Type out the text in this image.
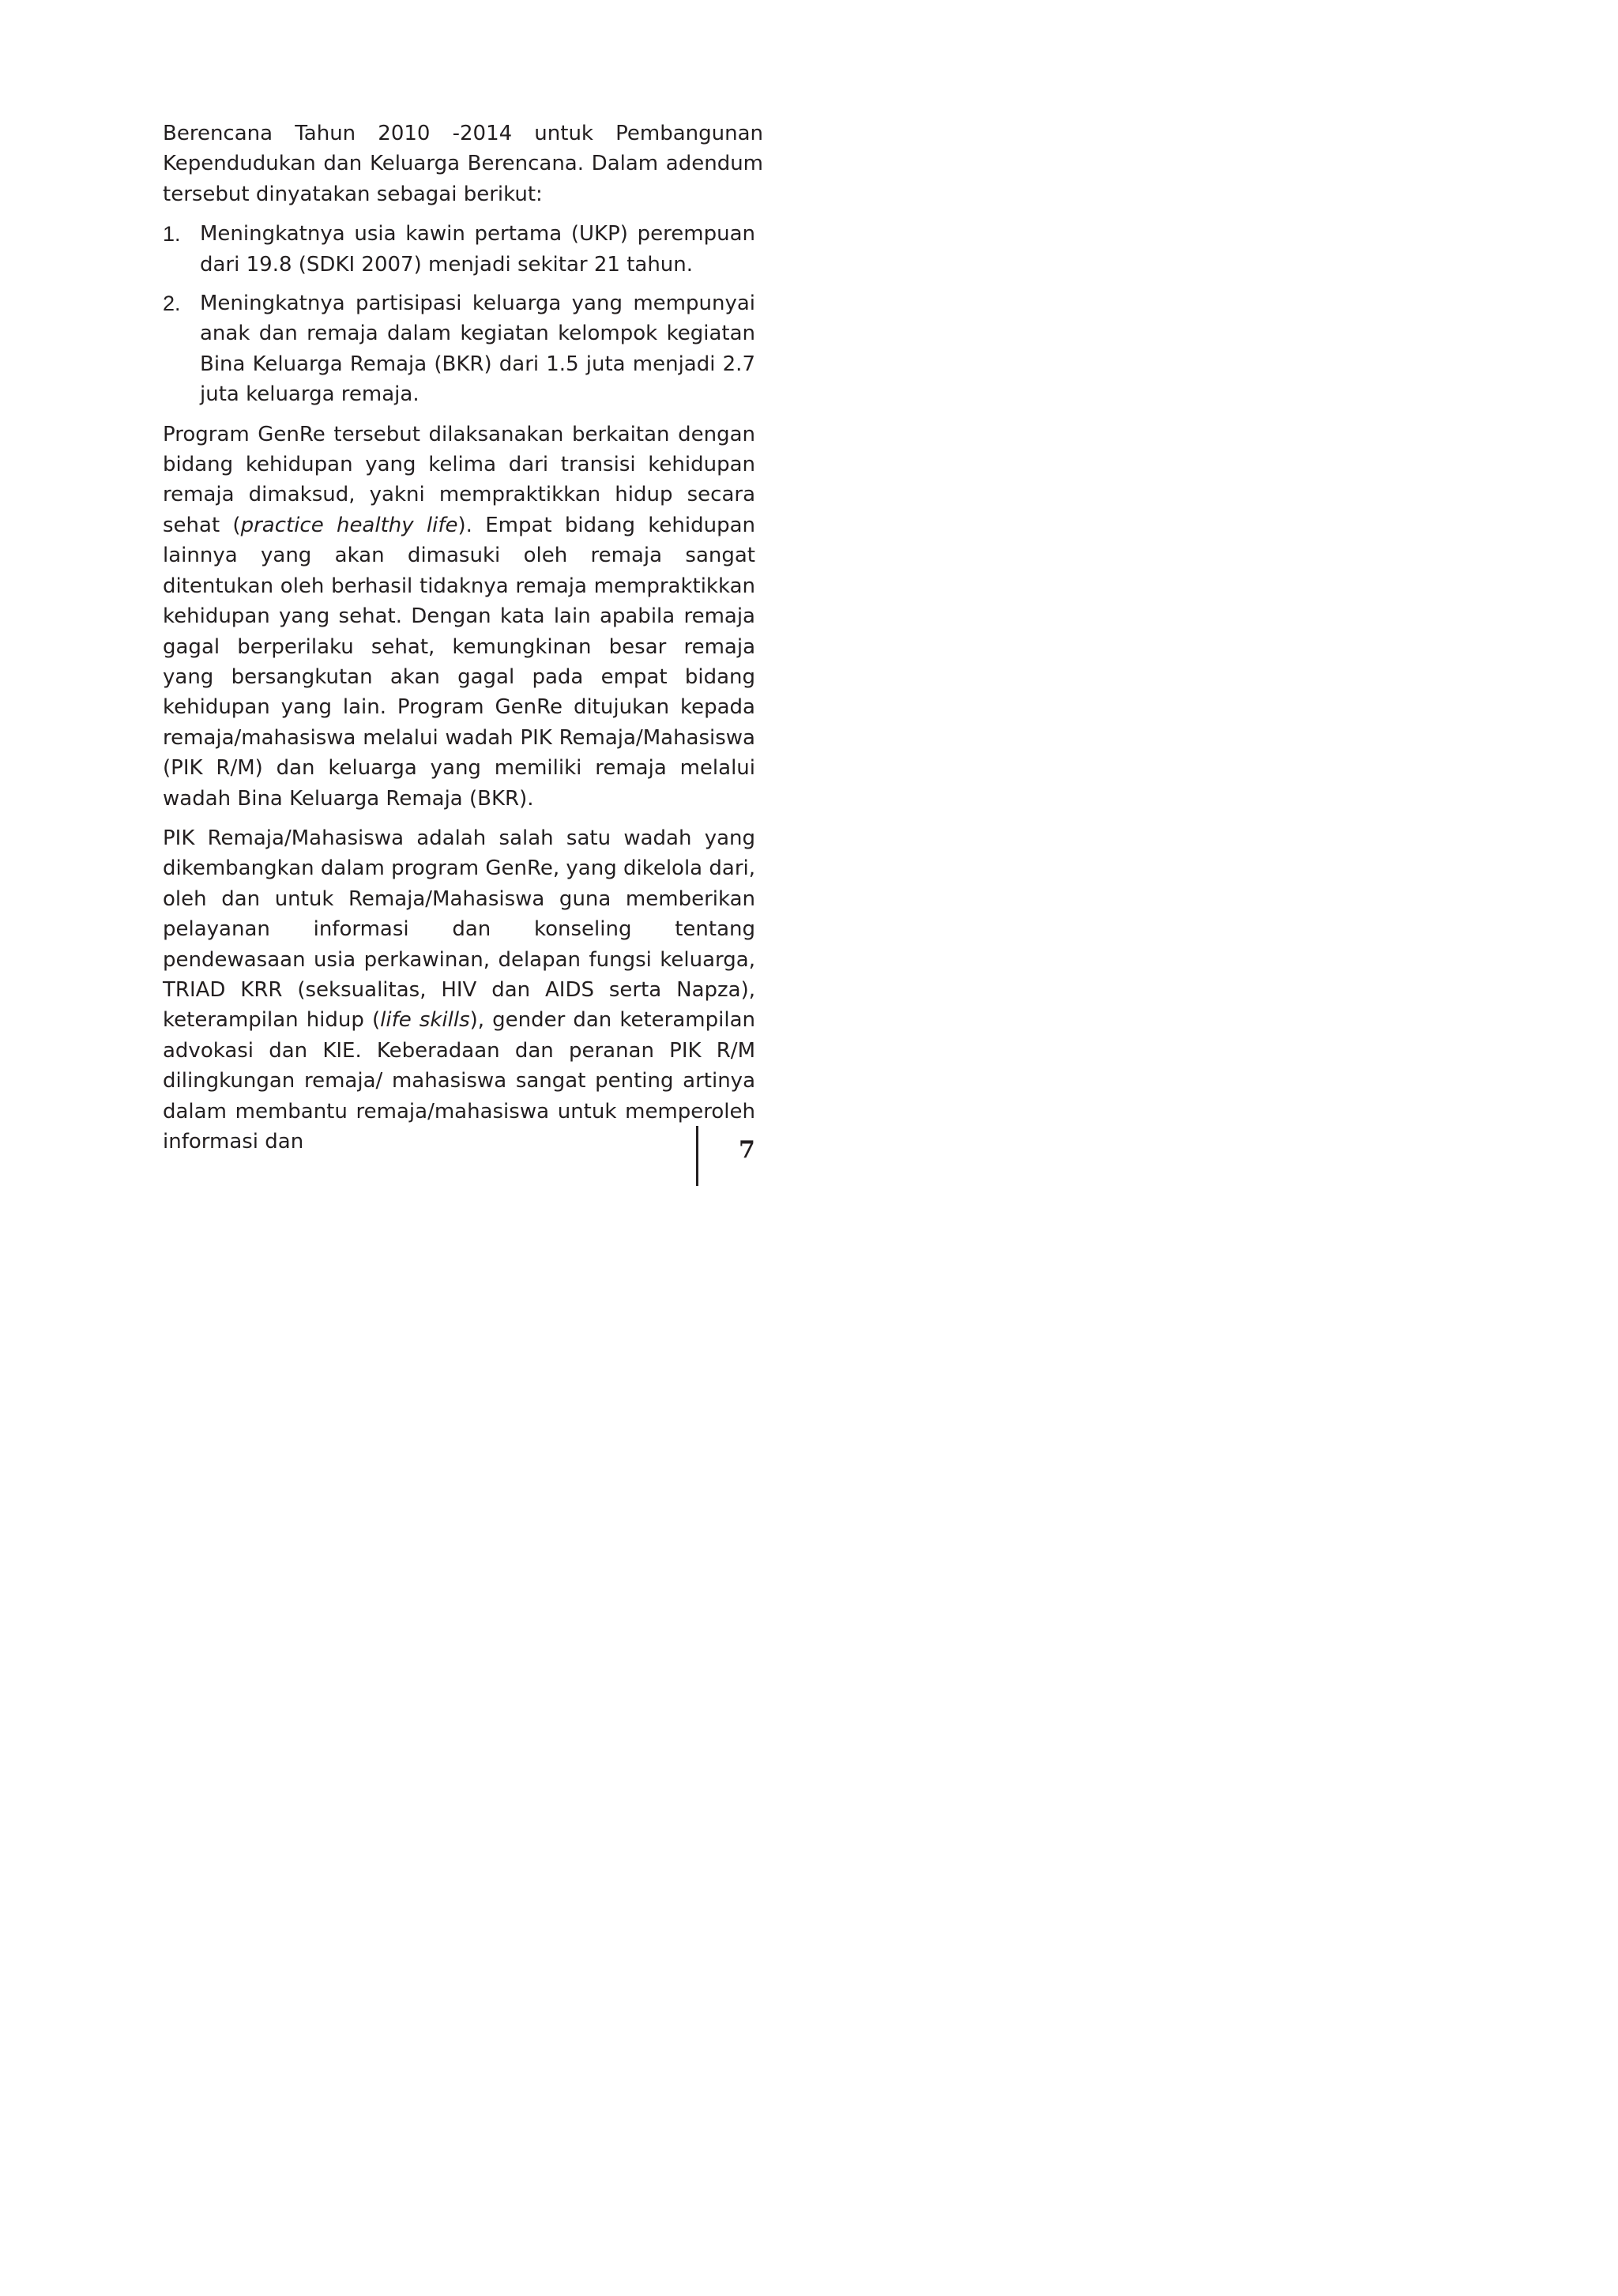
Berencana Tahun 2010 -2014 untuk Pembangunan Kependudukan dan Keluarga Berencana. Dalam adendum tersebut dinyatakan sebagai berikut:

1. Meningkatnya usia kawin pertama (UKP) perempuan dari 19.8 (SDKI 2007) menjadi sekitar 21 tahun.
2. Meningkatnya partisipasi keluarga yang mempunyai anak dan remaja dalam kegiatan kelompok kegiatan Bina Keluarga Remaja (BKR) dari 1.5 juta menjadi 2.7 juta keluarga remaja.

Program GenRe tersebut dilaksanakan berkaitan dengan bidang kehidupan yang kelima dari transisi kehidupan remaja dimaksud, yakni mempraktikkan hidup secara sehat (practice healthy life). Empat bidang kehidupan lainnya yang akan dimasuki oleh remaja sangat ditentukan oleh berhasil tidaknya remaja mempraktikkan kehidupan yang sehat. Dengan kata lain apabila remaja gagal berperilaku sehat, kemungkinan besar remaja yang bersangkutan akan gagal pada empat bidang kehidupan yang lain. Program GenRe ditujukan kepada remaja/mahasiswa melalui wadah PIK Remaja/Mahasiswa (PIK R/M) dan keluarga yang memiliki remaja melalui wadah Bina Keluarga Remaja (BKR).

PIK Remaja/Mahasiswa adalah salah satu wadah yang dikembangkan dalam program GenRe, yang dikelola dari, oleh dan untuk Remaja/Mahasiswa guna memberikan pelayanan informasi dan konseling tentang pendewasaan usia perkawinan, delapan fungsi keluarga, TRIAD KRR (seksualitas, HIV dan AIDS serta Napza), keterampilan hidup (life skills), gender dan keterampilan advokasi dan KIE. Keberadaan dan peranan PIK R/M dilingkungan remaja/ mahasiswa sangat penting artinya dalam membantu remaja/mahasiswa untuk memperoleh informasi dan	7
